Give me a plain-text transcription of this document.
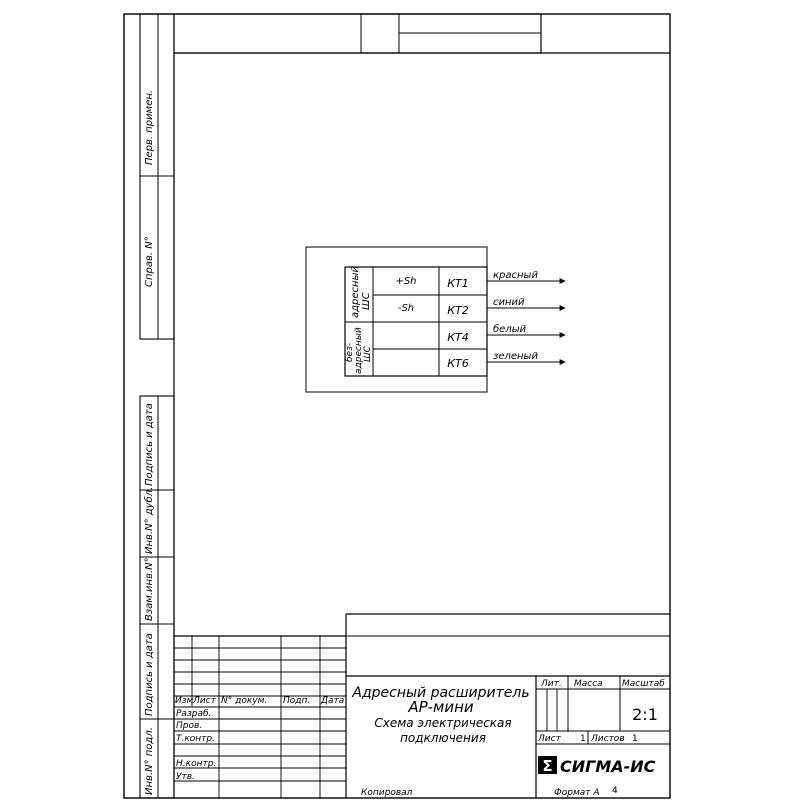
Перв. примен.
Справ. N°
Подпись и дата
Инв.N° дубл.
Взам.инв.N°
Подпись и дата
Инв.N° подл.
адресныйШС
без-адресныйШС
+Sh
-Sh
КТ1
КТ2
КТ4
КТ6
красный
синий
белый
зеленый
Изм Лист N° докум. Подп. Дата
Разраб.
Пров.
Т.контр.
Н.контр.
Утв.
Адресный расширитель
АР-мини
Схема электрическая
подключения
Лит. Масса Масштаб
2:1
Лист 1 Листов 1
Σ СИГМА-ИС
Копировал	Формат А 4
